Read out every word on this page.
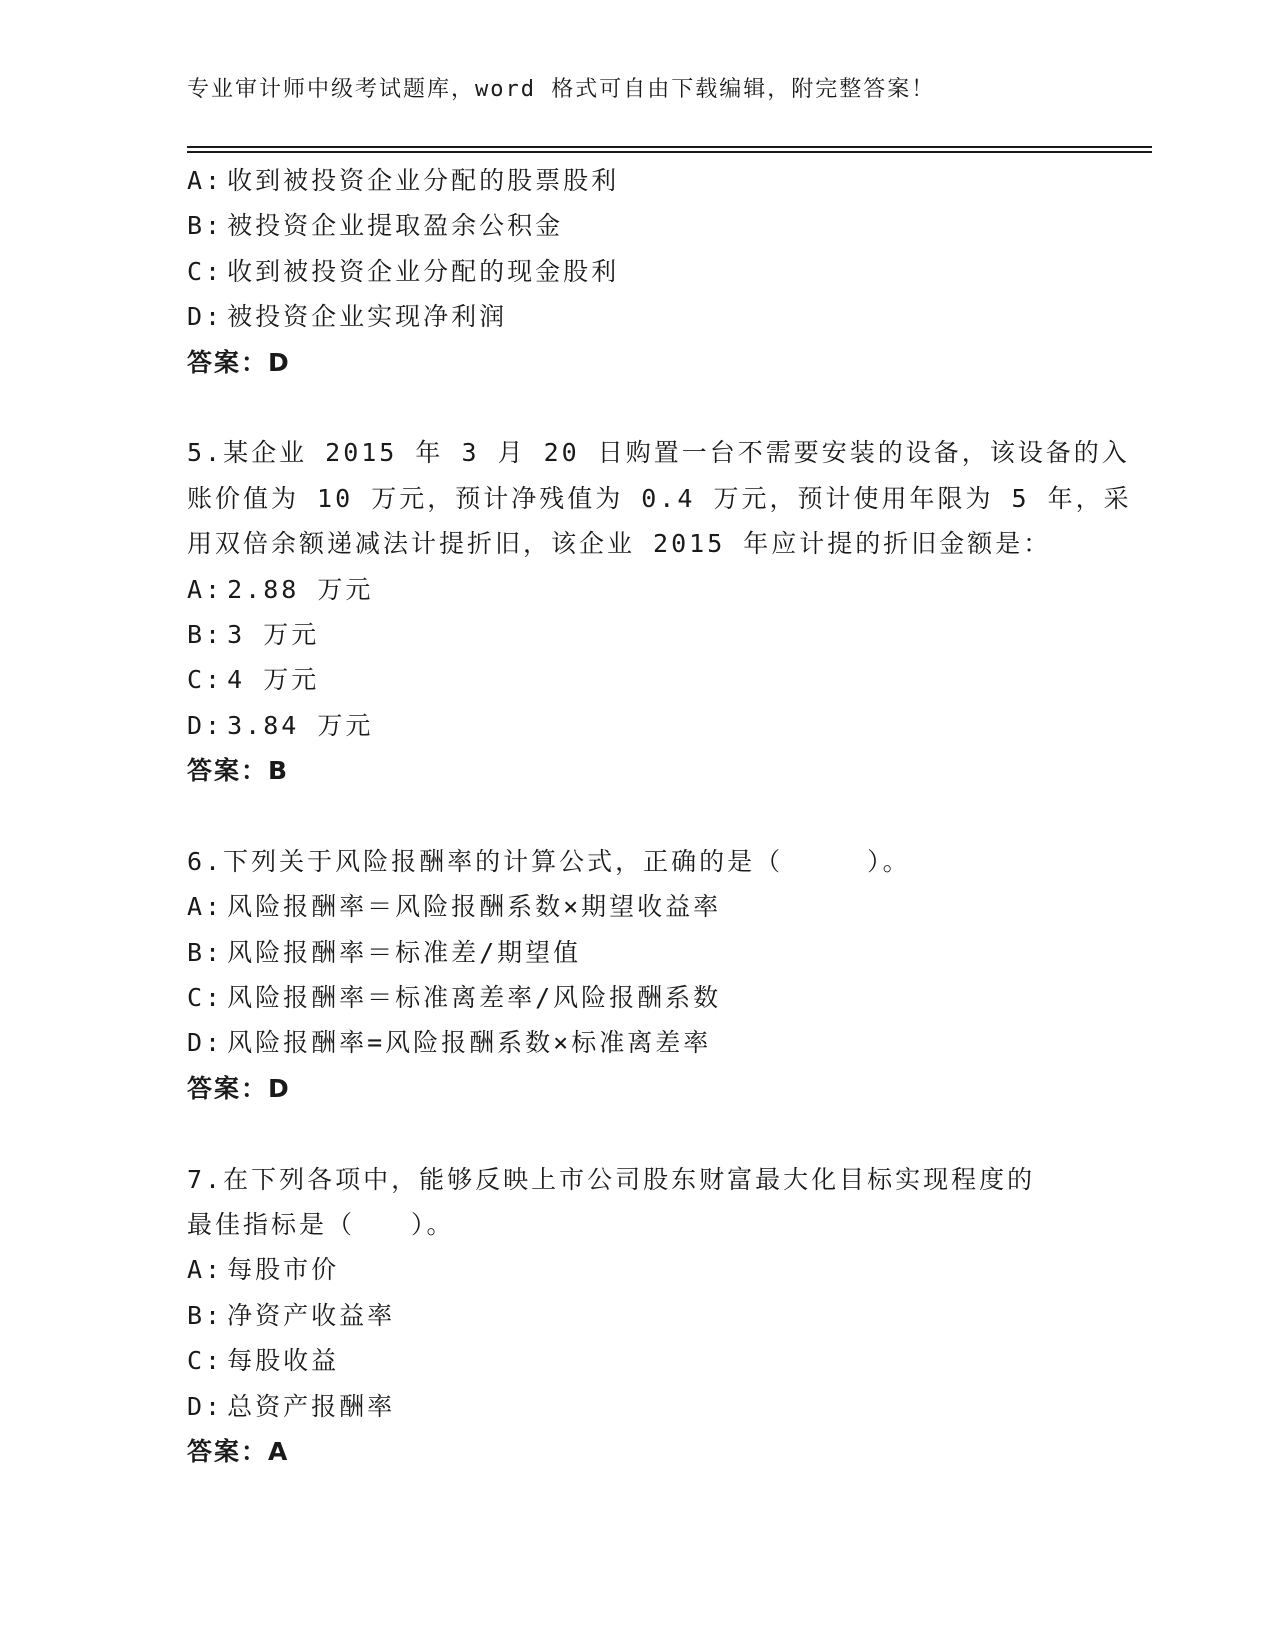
专业审计师中级考试题库，word 格式可自由下载编辑，附完整答案！
A: 收到被投资企业分配的股票股利
B: 被投资企业提取盈余公积金
C: 收到被投资企业分配的现金股利
D: 被投资企业实现净利润
答案：D
5.某企业 2015 年 3 月 20 日购置一台不需要安装的设备，该设备的入
账价值为 10 万元，预计净残值为 0.4 万元，预计使用年限为 5 年，采
用双倍余额递减法计提折旧，该企业 2015 年应计提的折旧金额是：
A: 2.88 万元
B: 3 万元
C: 4 万元
D: 3.84 万元
答案：B
6.下列关于风险报酬率的计算公式，正确的是（　　　）。
A: 风险报酬率＝风险报酬系数×期望收益率
B: 风险报酬率＝标准差/期望值
C: 风险报酬率＝标准离差率/风险报酬系数
D: 风险报酬率=风险报酬系数×标准离差率
答案：D
7.在下列各项中，能够反映上市公司股东财富最大化目标实现程度的
最佳指标是（　　）。
A: 每股市价
B: 净资产收益率
C: 每股收益
D: 总资产报酬率
答案：A
